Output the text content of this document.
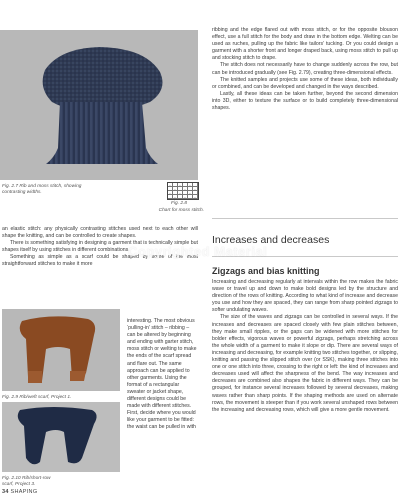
Fig. 2.7 Rib and moss stitch, showing contrasting widths.
–	–	–
–	–	–
–	–	–
–	–	–
Fig. 2.8
Chart for moss stitch.

ribbing and the edge flared out with moss stitch, or for the opposite blouson effect, use a full stitch for the body and draw in the bottom edge. Welting can be used as ruches, pulling up the fabric like tailors’ tucking. Or you could design a garment with a shorter front and longer draped back, using moss stitch to pull up and stocking stitch to drape.

The stitch does not necessarily have to change suddenly across the row, but can be introduced gradually (see Fig. 2.79), creating three-dimensional effects.

The knitted samples and projects use some of these ideas, both individually or combined, and can be developed and changed in the ways described.

Lastly, all these ideas can be taken further, beyond the second dimension into 3D, either to texture the surface or to build completely three-dimensional shapes.

Increases and decreases

an elastic stitch: any physically contrasting stitches used next to each other will shape the knitting, and can be controlled to create shapes.

There is something satisfying in designing a garment that is technically simple but shapes itself by using stitches in different combinations.

Something as simple as a scarf could be shaped by some of the most straightforward stitches to make it more

Fig. 2.9 Rib/weft scarf, Project 1.
Fig. 2.10 Rib/short-row scarf, Project 3.

interesting. The most obvious ‘pulling-in’ stitch – ribbing – can be altered by beginning and ending with garter stitch, moss stitch or welting to make the ends of the scarf spread and flare out. The same approach can be applied to other garments. Using the format of a rectangular sweater or jacket shape, different designs could be made with different stitches. First, decide where you would like your garment to be fitted: the waist can be pulled in with

Zigzags and bias knitting

Increasing and decreasing regularly at intervals within the row makes the fabric wave or travel up and down to make bold designs led by the structure and direction of the rows of knitting. According to what kind of increase and decrease you use and how they are spaced, they can range from sharp pointed zigzags to softer undulating waves.

The size of the waves and zigzags can be controlled in several ways. If the increases and decreases are spaced closely with few plain stitches between, they make small ripples, or the gaps can be widened with more stitches for bolder effects, vigorous waves or powerful zigzags, perhaps stretching across the whole width of a garment to make it slope or dip. There are several ways of increasing and decreasing, for example knitting two stitches together, or slipping, knitting and passing the slipped stitch over (or SSK), making three stitches into one or one stitch into three, crossing to the right or left: the kind of increases and decreases used will affect the sharpness of the bend. The way increases and decreases are combined also shapes the fabric in different ways. They can be grouped, for instance several increases followed by several decreases, making waves rather than sharp points. If the shaping methods are used on alternate rows, the movement is steeper than if you work several unshaped rows between the increasing and decreasing rows, which will give a more gentle movement.

Copyrighted Material
34 SHAPING
